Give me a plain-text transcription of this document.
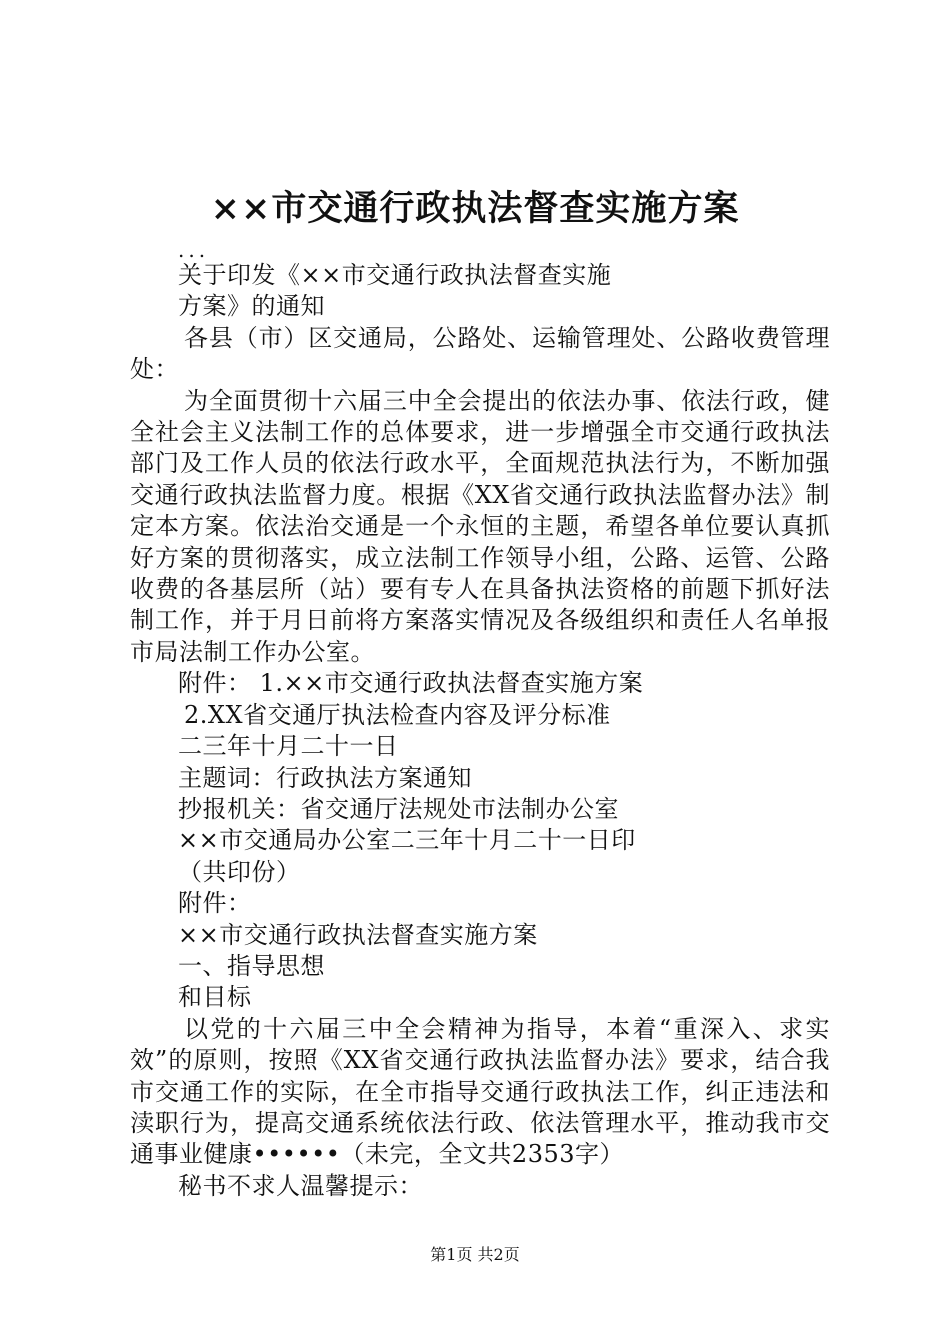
××市交通行政执法督查实施方案
...
关于印发《××市交通行政执法督查实施
方案》的通知
各县（市）区交通局，公路处、运输管理处、公路收费管理处：
为全面贯彻十六届三中全会提出的依法办事、依法行政，健全社会主义法制工作的总体要求，进一步增强全市交通行政执法部门及工作人员的依法行政水平，全面规范执法行为，不断加强交通行政执法监督力度。根据《XX省交通行政执法监督办法》制定本方案。依法治交通是一个永恒的主题，希望各单位要认真抓好方案的贯彻落实，成立法制工作领导小组，公路、运管、公路收费的各基层所（站）要有专人在具备执法资格的前题下抓好法制工作，并于月日前将方案落实情况及各级组织和责任人名单报市局法制工作办公室。
附件： 1.××市交通行政执法督查实施方案
2.XX省交通厅执法检查内容及评分标准
二三年十月二十一日
主题词：行政执法方案通知
抄报机关：省交通厅法规处市法制办公室
××市交通局办公室二三年十月二十一日印
（共印份）
附件：
××市交通行政执法督查实施方案
一、指导思想
和目标
以党的十六届三中全会精神为指导，本着“重深入、求实效”的原则，按照《XX省交通行政执法监督办法》要求，结合我市交通工作的实际，在全市指导交通行政执法工作，纠正违法和渎职行为，提高交通系统依法行政、依法管理水平，推动我市交通事业健康••••••（未完，全文共2353字）
秘书不求人温馨提示：
第1页 共2页
